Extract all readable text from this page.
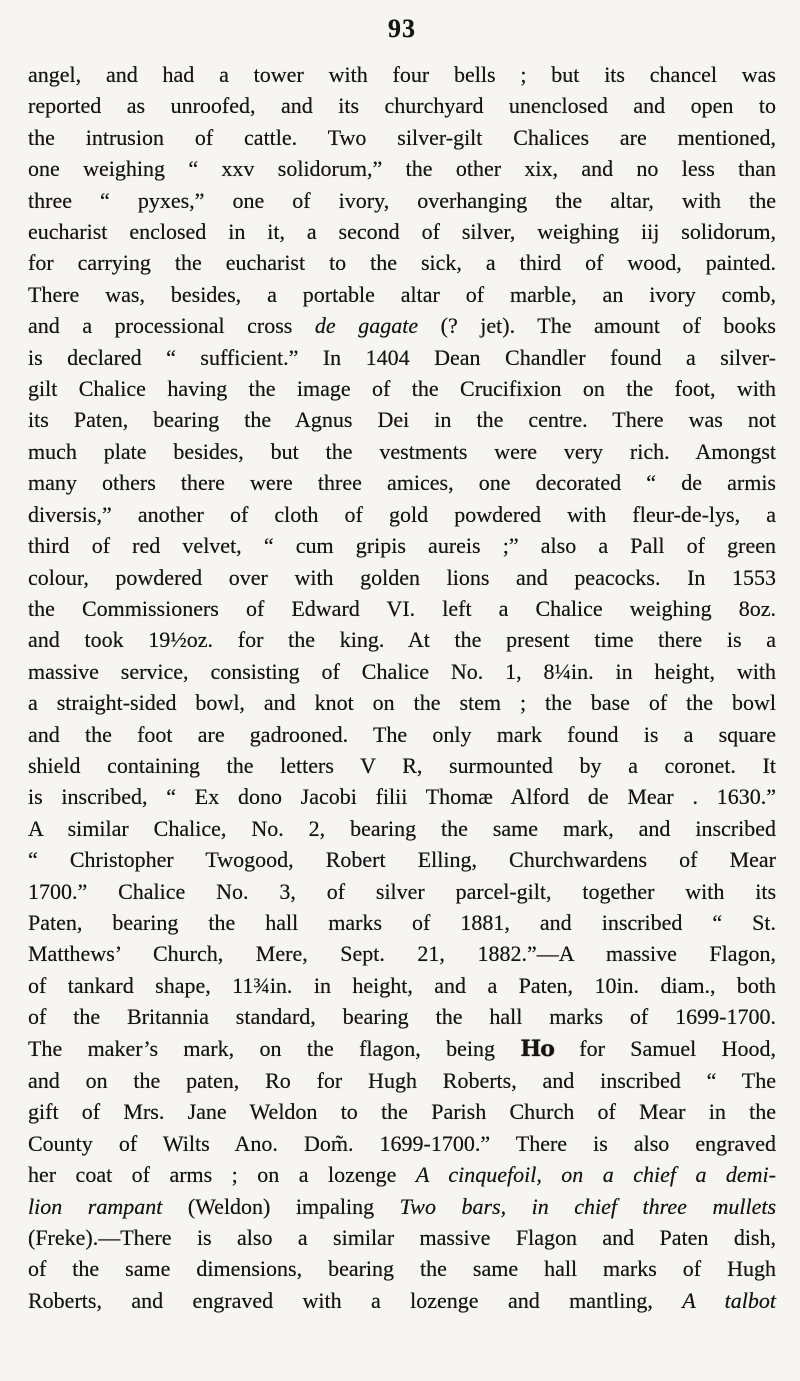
93
angel, and had a tower with four bells ; but its chancel was
reported as unroofed, and its churchyard unenclosed and open to
the intrusion of cattle. Two silver-gilt Chalices are mentioned,
one weighing “ xxv solidorum,” the other xix, and no less than
three “ pyxes,” one of ivory, overhanging the altar, with the
eucharist enclosed in it, a second of silver, weighing iij solidorum,
for carrying the eucharist to the sick, a third of wood, painted.
There was, besides, a portable altar of marble, an ivory comb,
and a processional cross de gagate (? jet). The amount of books
is declared “ sufficient.” In 1404 Dean Chandler found a silver-
gilt Chalice having the image of the Crucifixion on the foot, with
its Paten, bearing the Agnus Dei in the centre. There was not
much plate besides, but the vestments were very rich. Amongst
many others there were three amices, one decorated “ de armis
diversis,” another of cloth of gold powdered with fleur-de-lys, a
third of red velvet, “ cum gripis aureis ;” also a Pall of green
colour, powdered over with golden lions and peacocks. In 1553
the Commissioners of Edward VI. left a Chalice weighing 8oz.
and took 19½oz. for the king. At the present time there is a
massive service, consisting of Chalice No. 1, 8¼in. in height, with
a straight-sided bowl, and knot on the stem ; the base of the bowl
and the foot are gadrooned. The only mark found is a square
shield containing the letters V R, surmounted by a coronet. It
is inscribed, “ Ex dono Jacobi filii Thomæ Alford de Mear . 1630.”
A similar Chalice, No. 2, bearing the same mark, and inscribed
“ Christopher Twogood, Robert Elling, Churchwardens of Mear
1700.” Chalice No. 3, of silver parcel-gilt, together with its
Paten, bearing the hall marks of 1881, and inscribed “ St.
Matthews’ Church, Mere, Sept. 21, 1882.”—A massive Flagon,
of tankard shape, 11¾in. in height, and a Paten, 10in. diam., both
of the Britannia standard, bearing the hall marks of 1699-1700.
The maker’s mark, on the flagon, being Ho for Samuel Hood,
and on the paten, Ro for Hugh Roberts, and inscribed “ The
gift of Mrs. Jane Weldon to the Parish Church of Mear in the
County of Wilts Ano. Dom̃. 1699-1700.” There is also engraved
her coat of arms ; on a lozenge A cinquefoil, on a chief a demi-
lion rampant (Weldon) impaling Two bars, in chief three mullets
(Freke).—There is also a similar massive Flagon and Paten dish,
of the same dimensions, bearing the same hall marks of Hugh
Roberts, and engraved with a lozenge and mantling, A talbot
